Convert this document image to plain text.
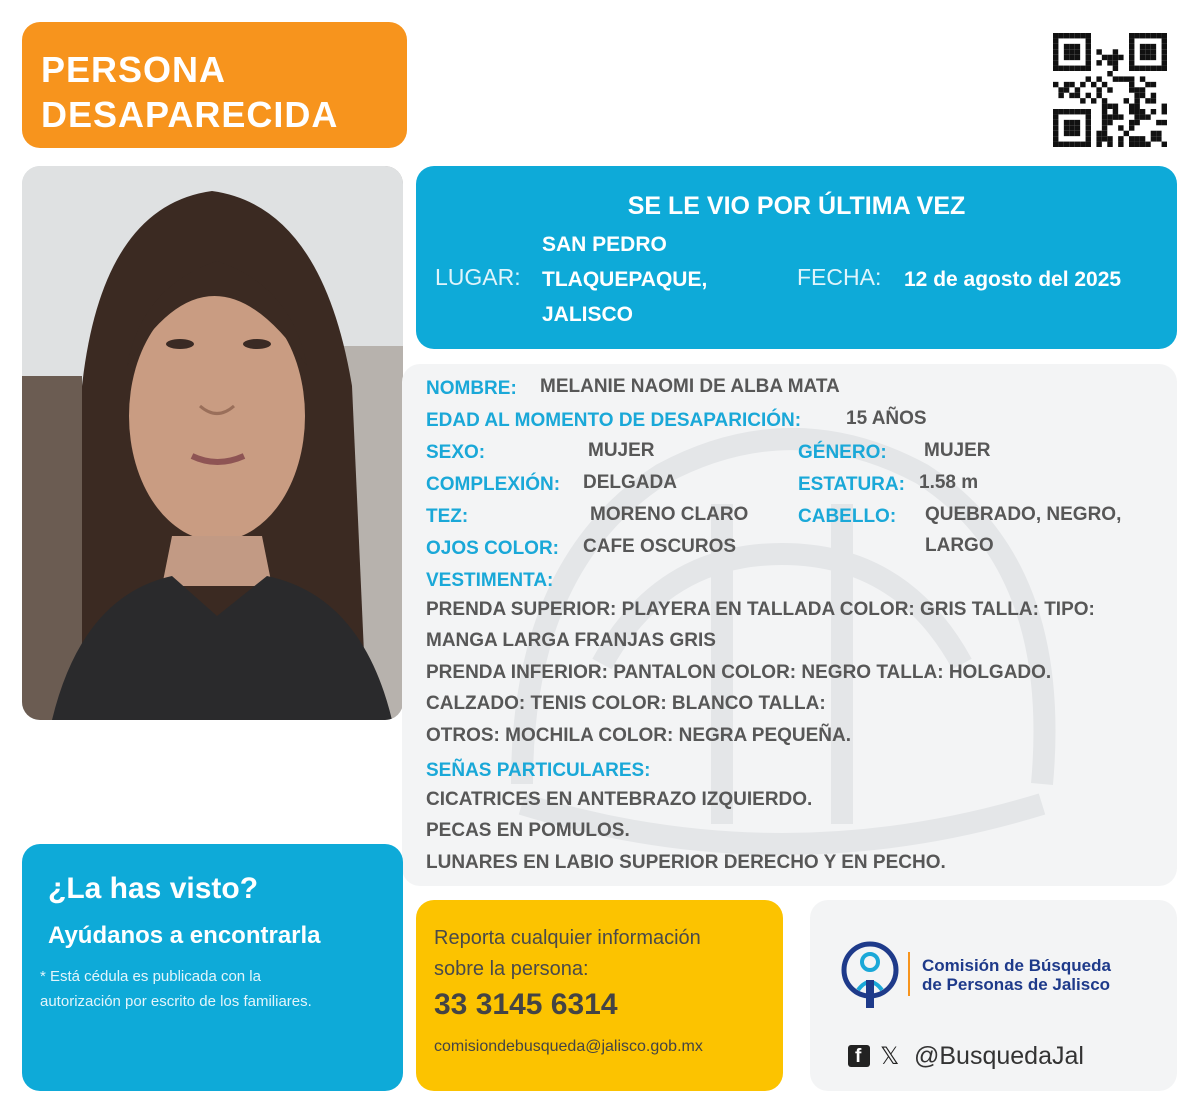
PERSONA
DESAPARECIDA
SE LE VIO POR ÚLTIMA VEZ
LUGAR:
SAN PEDRO
TLAQUEPAQUE,
JALISCO
FECHA: 12 de agosto del 2025
NOMBRE: MELANIE NAOMI DE ALBA MATA
EDAD AL MOMENTO DE DESAPARICIÓN: 15 AÑOS
SEXO:	MUJER	GÉNERO: MUJER
COMPLEXIÓN: DELGADA	ESTATURA: 1.58 m
TEZ:	MORENO CLARO	CABELLO: QUEBRADO, NEGRO,
LARGO
OJOS COLOR: CAFE OSCUROS
VESTIMENTA:
PRENDA SUPERIOR: PLAYERA EN TALLADA COLOR: GRIS TALLA: TIPO:
MANGA LARGA FRANJAS GRIS
PRENDA INFERIOR: PANTALON COLOR: NEGRO TALLA: HOLGADO.
CALZADO: TENIS COLOR: BLANCO TALLA:
OTROS: MOCHILA COLOR: NEGRA PEQUEÑA.
SEÑAS PARTICULARES:
CICATRICES EN ANTEBRAZO IZQUIERDO.
PECAS EN POMULOS.
LUNARES EN LABIO SUPERIOR DERECHO Y EN PECHO.
¿La has visto?
Ayúdanos a encontrarla
* Está cédula es publicada con la
autorización por escrito de los familiares.
Reporta cualquier información
sobre la persona:
33 3145 6314
comisiondebusqueda@jalisco.gob.mx
Comisión de Búsqueda
de Personas de Jalisco
f 𝕏 @BusquedaJal
